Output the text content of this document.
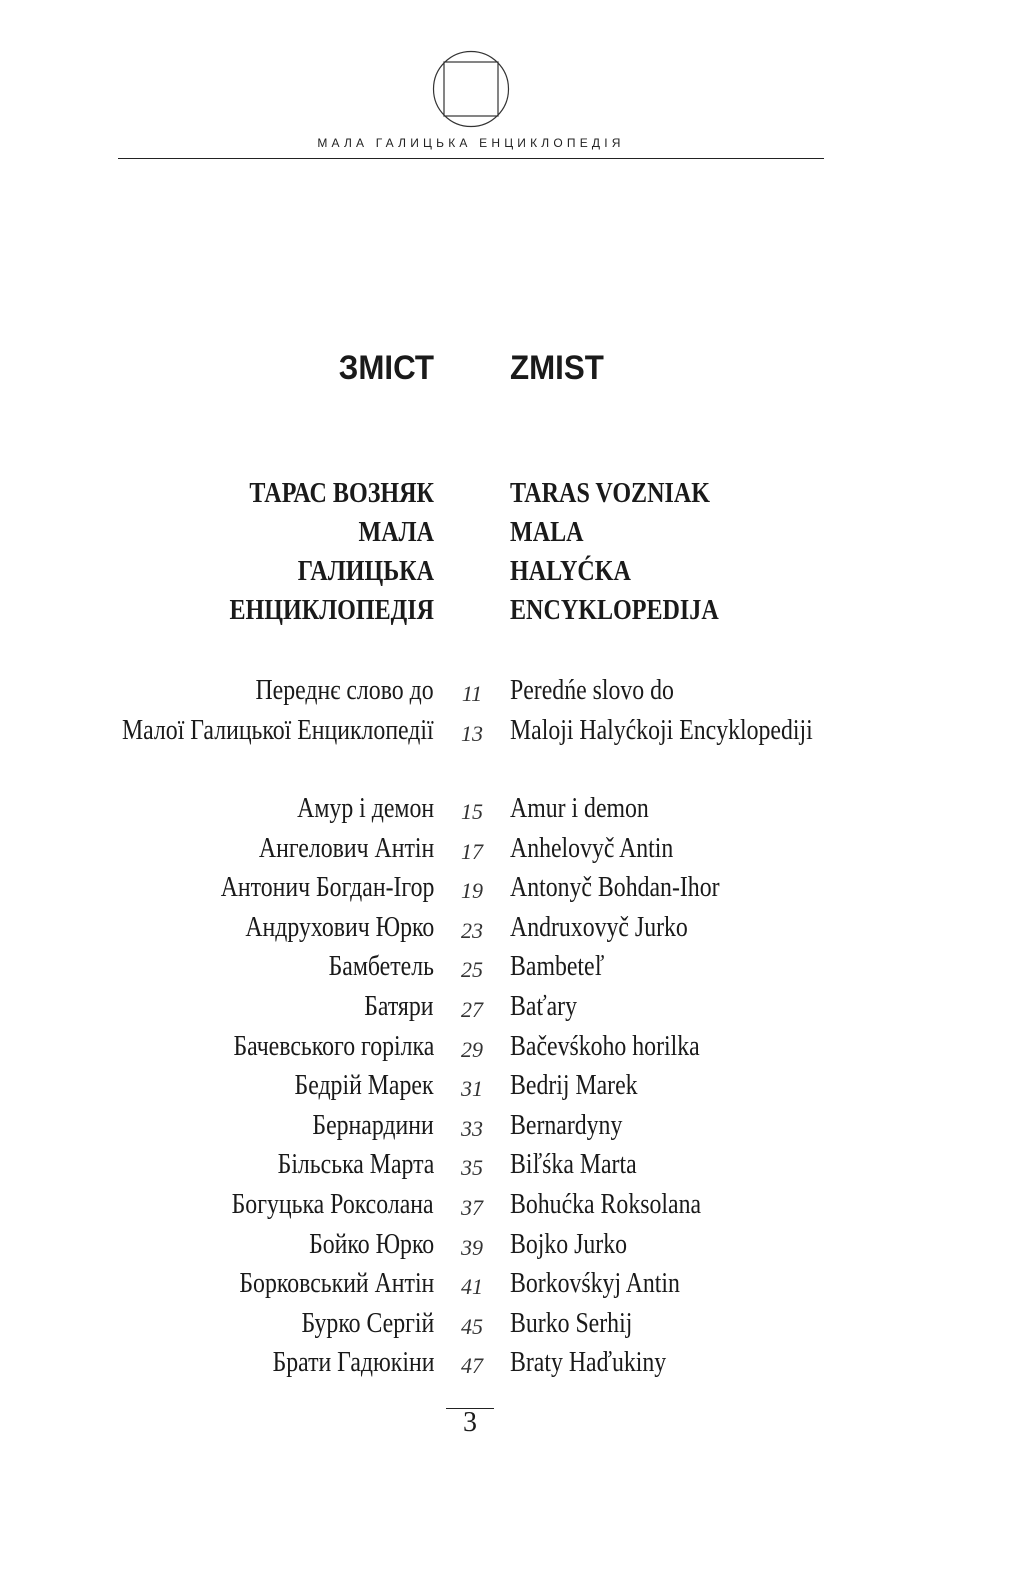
МАЛА ГАЛИЦЬКА ЕНЦИКЛОПЕДІЯ
ЗМІСТ ZMIST
ТАРАС ВОЗНЯК
МАЛА
ГАЛИЦЬКА
ЕНЦИКЛОПЕДІЯ
TARAS VOZNIAK
MALA
HALYĆKA
ENCYKLOPEDIJA
Переднє слово до	11 Peredńe slovo do
Малої Галицької Енциклопедії	13 Maloji Halyćkoji Encyklopediji
Амур і демон	15 Amur i demon
Ангелович Антін	17 Anhelovyč Antin
Антонич Богдан-Ігор	19 Antonyč Bohdan-Ihor
Андрухович Юрко	23 Andruxovyč Jurko
Бамбетель	25 Bambeteľ
Батяри	27 Baťary
Бачевського горілка	29 Bačevśkoho horilka
Бедрій Марек	31 Bedrij Marek
Бернардини	33 Bernardyny
Більська Марта	35 Biľśka Marta
Богуцька Роксолана	37 Bohućka Roksolana
Бойко Юрко	39 Bojko Jurko
Борковський Антін	41 Borkovśkyj Antin
Бурко Сергій	45 Burko Serhij
Брати Гадюкіни	47 Braty Haďukiny
3
